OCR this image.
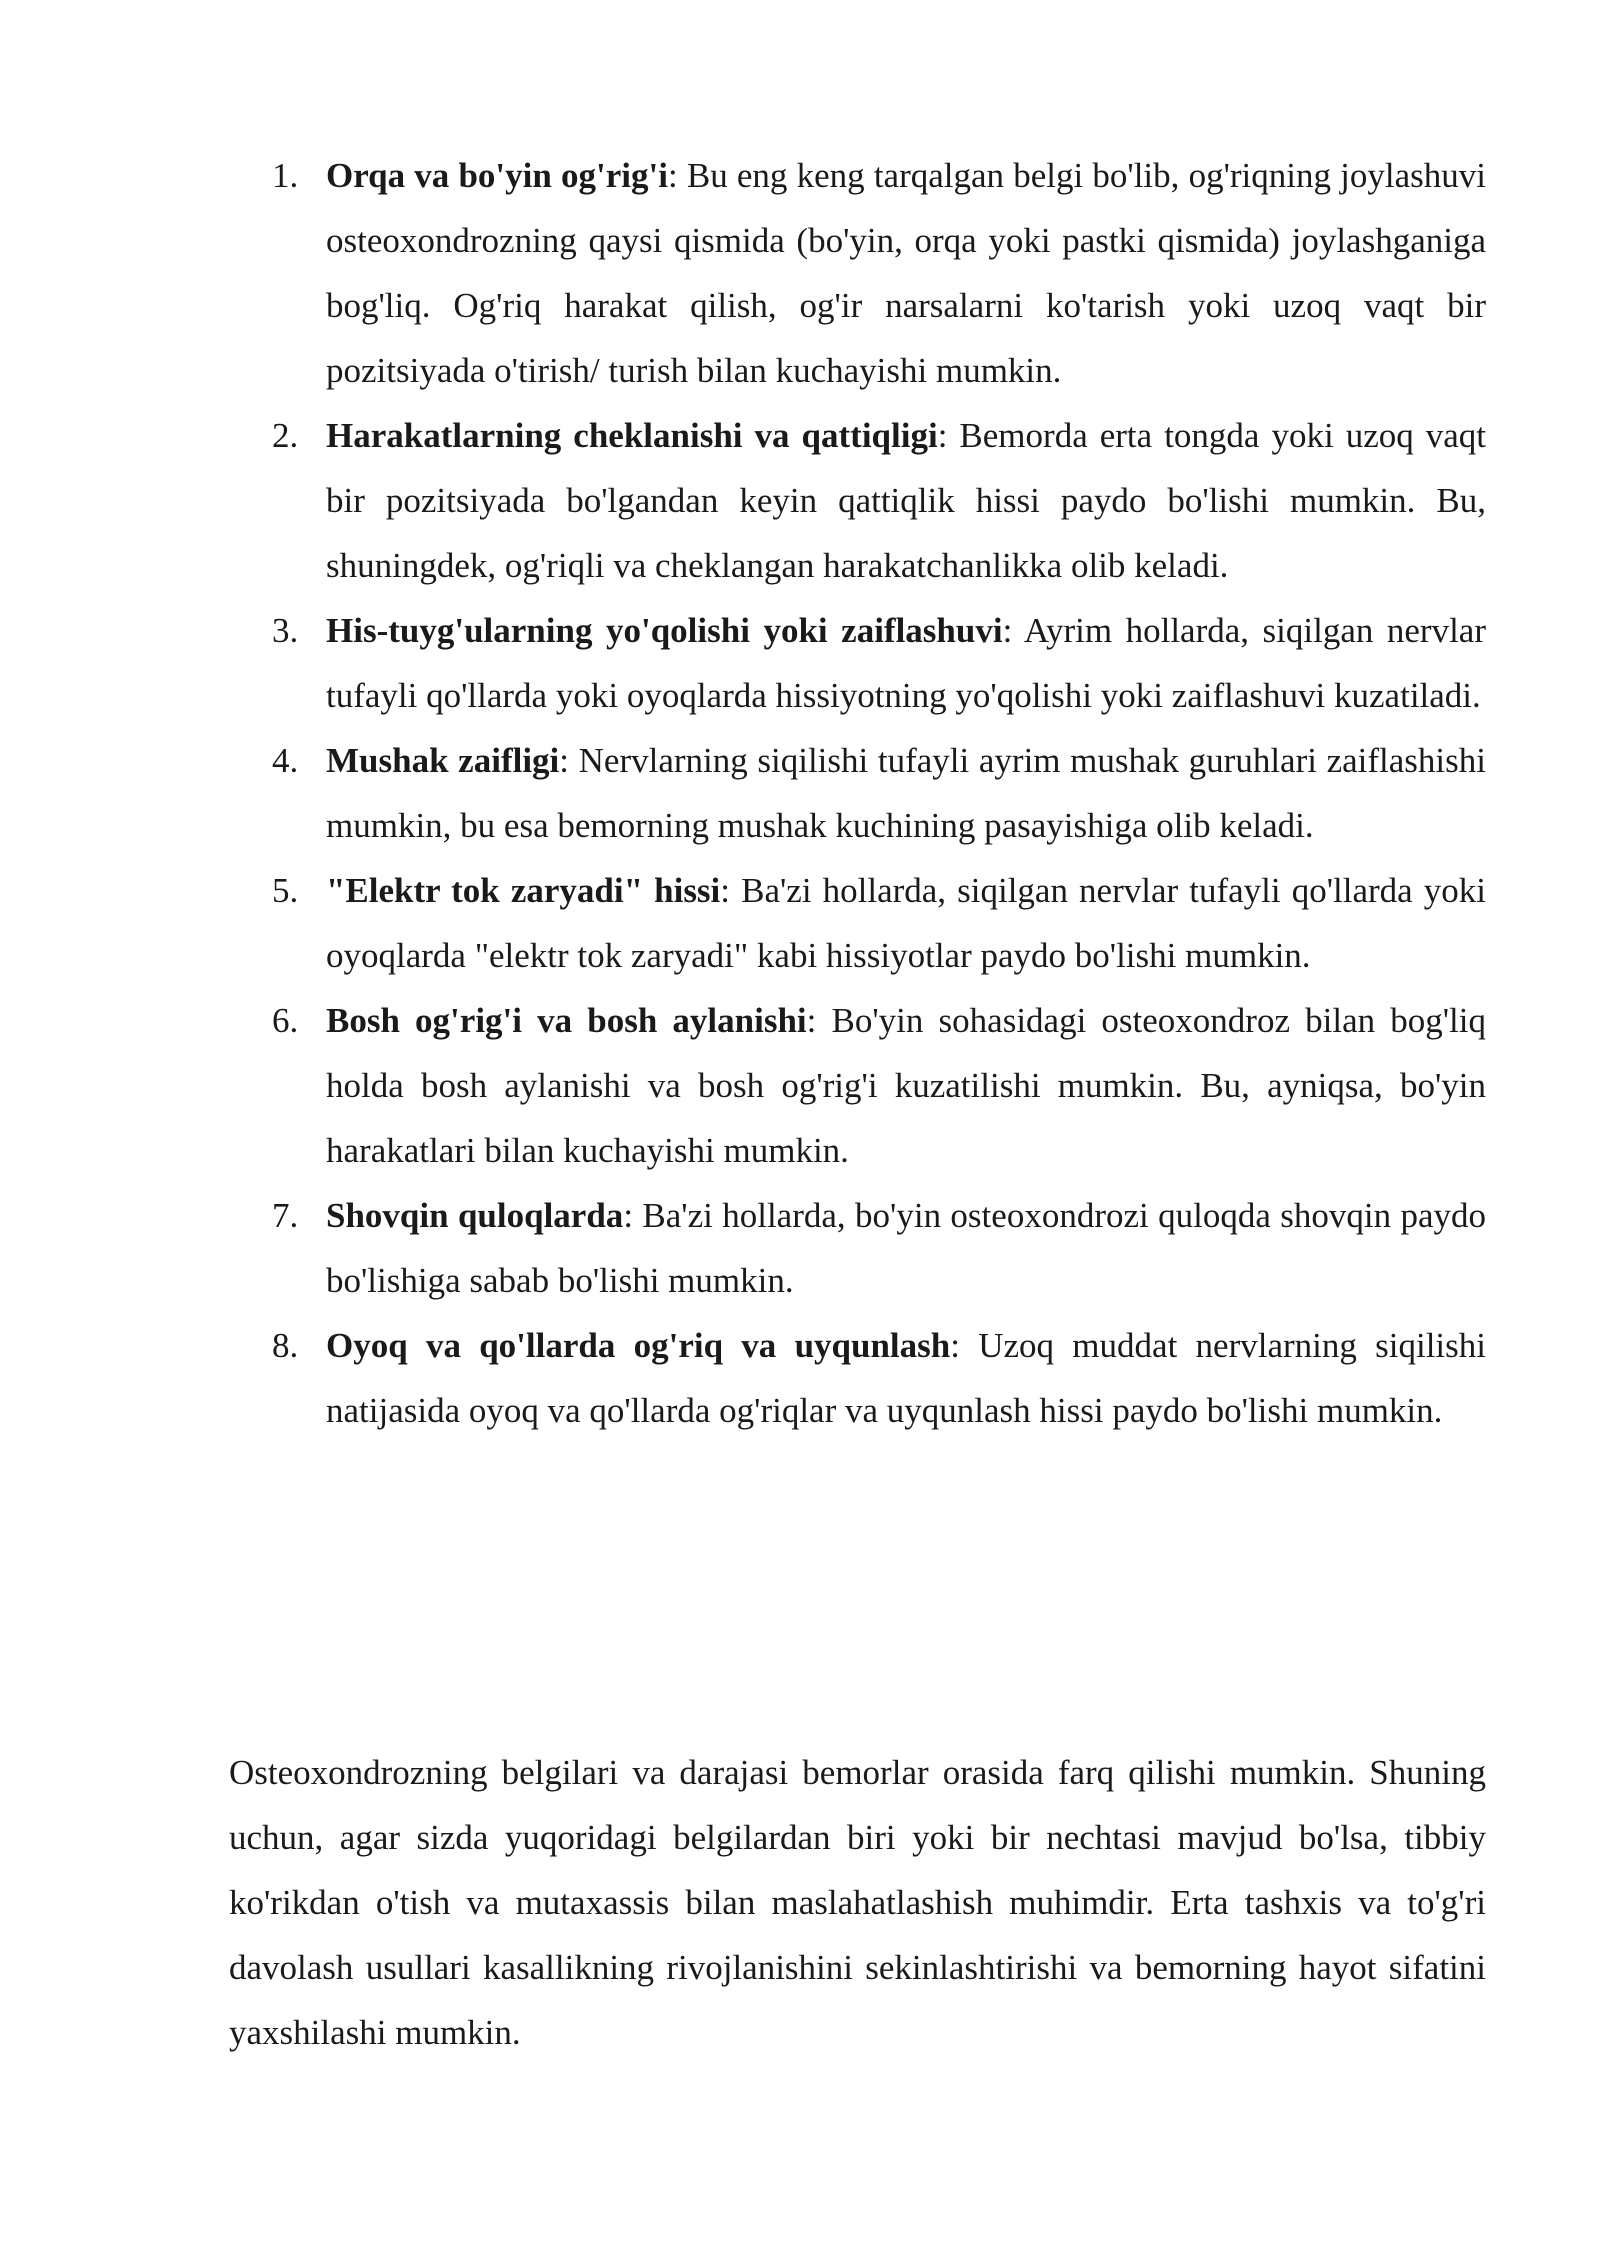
1. Orqa va bo'yin og'rig'i: Bu eng keng tarqalgan belgi bo'lib, og'riqning joylashuvi osteoxondrozning qaysi qismida (bo'yin, orqa yoki pastki qismida) joylashganiga bog'liq. Og'riq harakat qilish, og'ir narsalarni ko'tarish yoki uzoq vaqt bir pozitsiyada o'tirish/ turish bilan kuchayishi mumkin.
2. Harakatlarning cheklanishi va qattiqligi: Bemorda erta tongda yoki uzoq vaqt bir pozitsiyada bo'lgandan keyin qattiqlik hissi paydo bo'lishi mumkin. Bu, shuningdek, og'riqli va cheklangan harakatchanlikka olib keladi.
3. His-tuyg'ularning yo'qolishi yoki zaiflashuvi: Ayrim hollarda, siqilgan nervlar tufayli qo'llarda yoki oyoqlarda hissiyotning yo'qolishi yoki zaiflashuvi kuzatiladi.
4. Mushak zaifligi: Nervlarning siqilishi tufayli ayrim mushak guruhlari zaiflashishi mumkin, bu esa bemorning mushak kuchining pasayishiga olib keladi.
5. "Elektr tok zaryadi" hissi: Ba'zi hollarda, siqilgan nervlar tufayli qo'llarda yoki oyoqlarda "elektr tok zaryadi" kabi hissiyotlar paydo bo'lishi mumkin.
6. Bosh og'rig'i va bosh aylanishi: Bo'yin sohasidagi osteoxondroz bilan bog'liq holda bosh aylanishi va bosh og'rig'i kuzatilishi mumkin. Bu, ayniqsa, bo'yin harakatlari bilan kuchayishi mumkin.
7. Shovqin quloqlarda: Ba'zi hollarda, bo'yin osteoxondrozi quloqda shovqin paydo bo'lishiga sabab bo'lishi mumkin.
8. Oyoq va qo'llarda og'riq va uyqunlash: Uzoq muddat nervlarning siqilishi natijasida oyoq va qo'llarda og'riqlar va uyqunlash hissi paydo bo'lishi mumkin.

Osteoxondrozning belgilari va darajasi bemorlar orasida farq qilishi mumkin. Shuning uchun, agar sizda yuqoridagi belgilardan biri yoki bir nechtasi mavjud bo'lsa, tibbiy ko'rikdan o'tish va mutaxassis bilan maslahatlashish muhimdir. Erta tashxis va to'g'ri davolash usullari kasallikning rivojlanishini sekinlashtirishi va bemorning hayot sifatini yaxshilashi mumkin.
